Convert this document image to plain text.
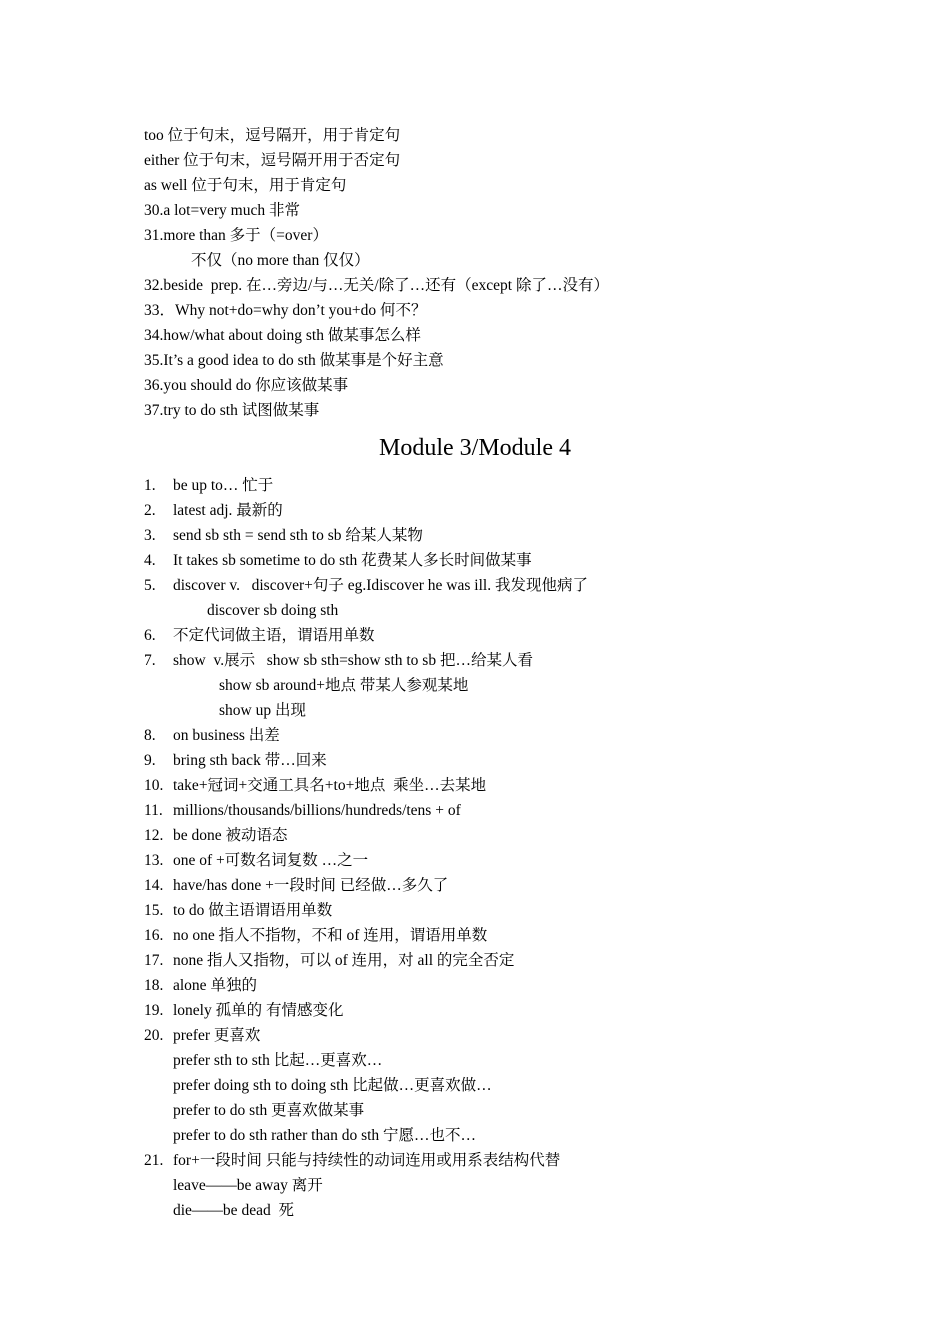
too 位于句末，逗号隔开，用于肯定句
either 位于句末，逗号隔开用于否定句
as well 位于句末，用于肯定句
30.a lot=very much 非常
31.more than 多于（=over）
不仅（no more than 仅仅）
32.beside  prep. 在…旁边/与…无关/除了…还有（except 除了…没有）
33．Why not+do=why don’t you+do 何不？
34.how/what about doing sth 做某事怎么样
35.It’s a good idea to do sth 做某事是个好主意
36.you should do 你应该做某事
37.try to do sth 试图做某事
Module 3/Module 4
1. be up to… 忙于
2. latest adj. 最新的
3. send sb sth = send sth to sb 给某人某物
4. It takes sb sometime to do sth 花费某人多长时间做某事
5. discover v.   discover+句子 eg.Idiscover he was ill. 我发现他病了
discover sb doing sth
6. 不定代词做主语，谓语用单数
7. show  v.展示   show sb sth=show sth to sb 把…给某人看
show sb around+地点 带某人参观某地
show up 出现
8. on business 出差
9. bring sth back 带…回来
10. take+冠词+交通工具名+to+地点  乘坐…去某地
11. millions/thousands/billions/hundreds/tens + of
12. be done 被动语态
13. one of +可数名词复数 …之一
14. have/has done +一段时间 已经做…多久了
15. to do 做主语谓语用单数
16. no one 指人不指物，不和 of 连用，谓语用单数
17. none 指人又指物，可以 of 连用，对 all 的完全否定
18. alone 单独的
19. lonely 孤单的 有情感变化
20. prefer 更喜欢
prefer sth to sth 比起…更喜欢…
prefer doing sth to doing sth 比起做…更喜欢做…
prefer to do sth 更喜欢做某事
prefer to do sth rather than do sth 宁愿…也不…
21. for+一段时间 只能与持续性的动词连用或用系表结构代替
leave——be away 离开
die——be dead  死
